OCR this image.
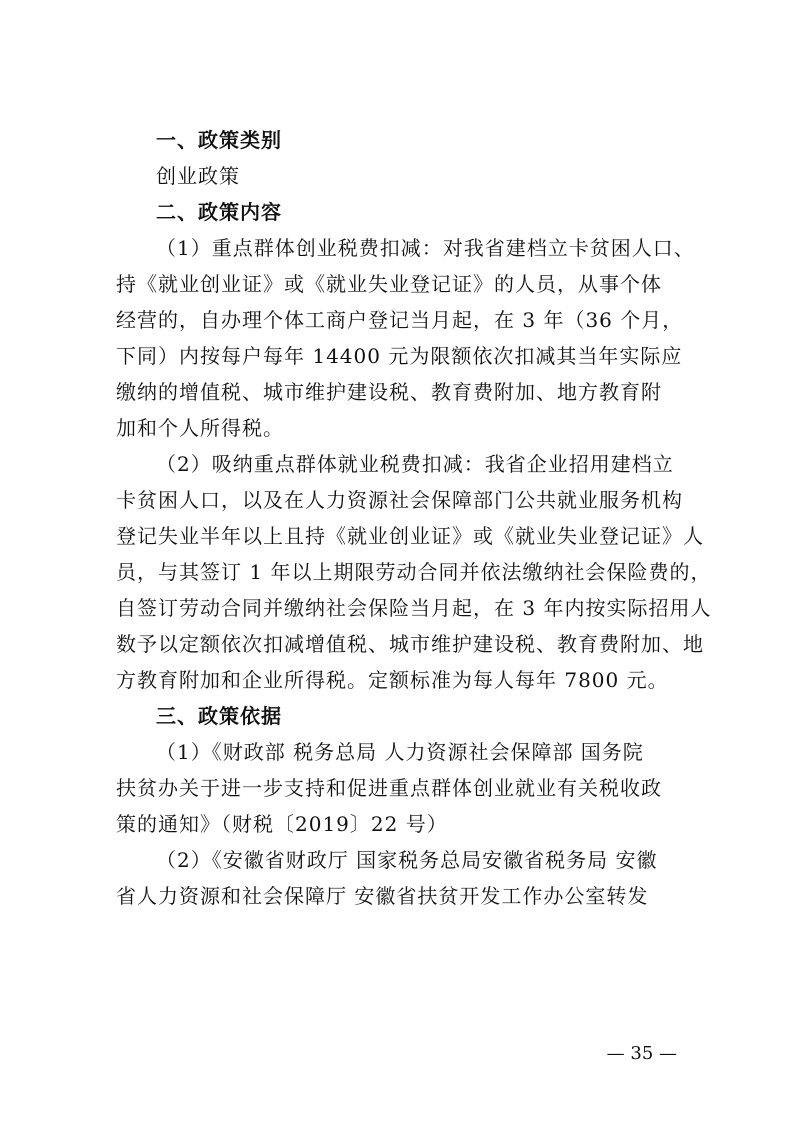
一、政策类别

创业政策

二、政策内容

（1）重点群体创业税费扣减：对我省建档立卡贫困人口、
持《就业创业证》或《就业失业登记证》的人员，从事个体
经营的，自办理个体工商户登记当月起，在 3 年（36 个月，
下同）内按每户每年 14400 元为限额依次扣减其当年实际应
缴纳的增值税、城市维护建设税、教育费附加、地方教育附
加和个人所得税。

（2）吸纳重点群体就业税费扣减：我省企业招用建档立
卡贫困人口，以及在人力资源社会保障部门公共就业服务机构
登记失业半年以上且持《就业创业证》或《就业失业登记证》人
员，与其签订 1 年以上期限劳动合同并依法缴纳社会保险费的，
自签订劳动合同并缴纳社会保险当月起，在 3 年内按实际招用人
数予以定额依次扣减增值税、城市维护建设税、教育费附加、地
方教育附加和企业所得税。定额标准为每人每年 7800 元。

三、政策依据

（1）《财政部 税务总局 人力资源社会保障部 国务院
扶贫办关于进一步支持和促进重点群体创业就业有关税收政
策的通知》（财税〔2019〕22 号）

（2）《安徽省财政厅 国家税务总局安徽省税务局 安徽
省人力资源和社会保障厅 安徽省扶贫开发工作办公室转发

— 35 —
